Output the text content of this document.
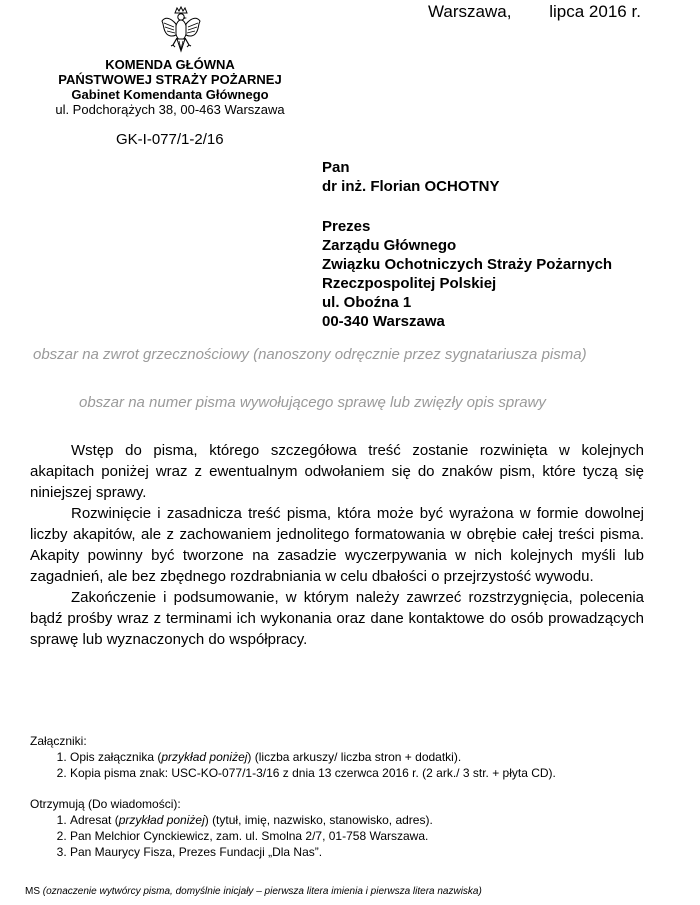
Warszawa, lipca 2016 r.
KOMENDA GŁÓWNA
PAŃSTWOWEJ STRAŻY POŻARNEJ
Gabinet Komendanta Głównego
ul. Podchorążych 38, 00-463 Warszawa
GK-I-077/1-2/16
Pan
dr inż. Florian OCHOTNY
Prezes
Zarządu Głównego
Związku Ochotniczych Straży Pożarnych
Rzeczpospolitej Polskiej
ul. Oboźna 1
00-340 Warszawa
obszar na zwrot grzecznościowy (nanoszony odręcznie przez sygnatariusza pisma)
obszar na numer pisma wywołującego sprawę lub zwięzły opis sprawy

Wstęp do pisma, którego szczegółowa treść zostanie rozwinięta w kolejnych akapitach poniżej wraz z ewentualnym odwołaniem się do znaków pism, które tyczą się niniejszej sprawy.

Rozwinięcie i zasadnicza treść pisma, która może być wyrażona w formie dowolnej liczby akapitów, ale z zachowaniem jednolitego formatowania w obrębie całej treści pisma. Akapity powinny być tworzone na zasadzie wyczerpywania w nich kolejnych myśli lub zagadnień, ale bez zbędnego rozdrabniania w celu dbałości o przejrzystość wywodu.

Zakończenie i podsumowanie, w którym należy zawrzeć rozstrzygnięcia, polecenia bądź prośby wraz z terminami ich wykonania oraz dane kontaktowe do osób prowadzących sprawę lub wyznaczonych do współpracy.

Załączniki:
1. Opis załącznika (przykład poniżej) (liczba arkuszy/ liczba stron + dodatki).
2. Kopia pisma znak: USC-KO-077/1-3/16 z dnia 13 czerwca 2016 r. (2 ark./ 3 str. + płyta CD).
Otrzymują (Do wiadomości):
1. Adresat (przykład poniżej) (tytuł, imię, nazwisko, stanowisko, adres).
2. Pan Melchior Cynckiewicz, zam. ul. Smolna 2/7, 01-758 Warszawa.
3. Pan Maurycy Fisza, Prezes Fundacji „Dla Nas”.
MS (oznaczenie wytwórcy pisma, domyślnie inicjały – pierwsza litera imienia i pierwsza litera nazwiska)
